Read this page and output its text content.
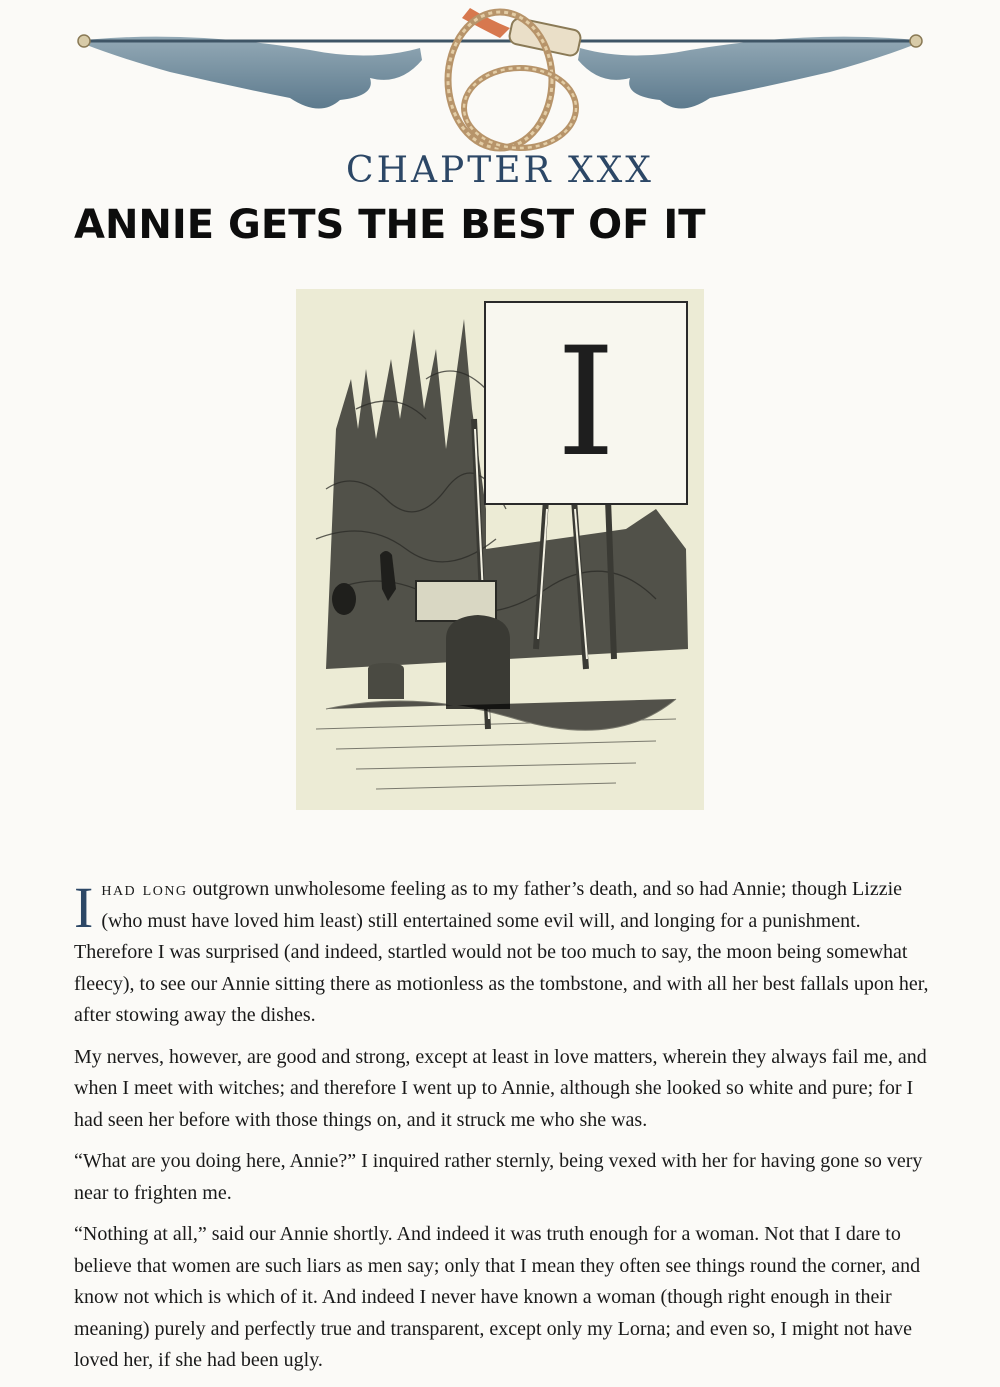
CHAPTER XXX
ANNIE GETS THE BEST OF IT
I

Ihad long outgrown unwholesome feeling as to my father’s death, and so had Annie; though Lizzie (who must have loved him least) still entertained some evil will, and longing for a punishment. Therefore I was surprised (and indeed, startled would not be too much to say, the moon being somewhat fleecy), to see our Annie sitting there as motionless as the tombstone, and with all her best fallals upon her, after stowing away the dishes.

My nerves, however, are good and strong, except at least in love matters, wherein they always fail me, and when I meet with witches; and therefore I went up to Annie, although she looked so white and pure; for I had seen her before with those things on, and it struck me who she was.

“What are you doing here, Annie?” I inquired rather sternly, being vexed with her for having gone so very near to frighten me.

“Nothing at all,” said our Annie shortly. And indeed it was truth enough for a woman. Not that I dare to believe that women are such liars as men say; only that I mean they often see things round the corner, and know not which is which of it. And indeed I never have known a woman (though right enough in their meaning) purely and perfectly true and transparent, except only my Lorna; and even so, I might not have loved her, if she had been ugly.
